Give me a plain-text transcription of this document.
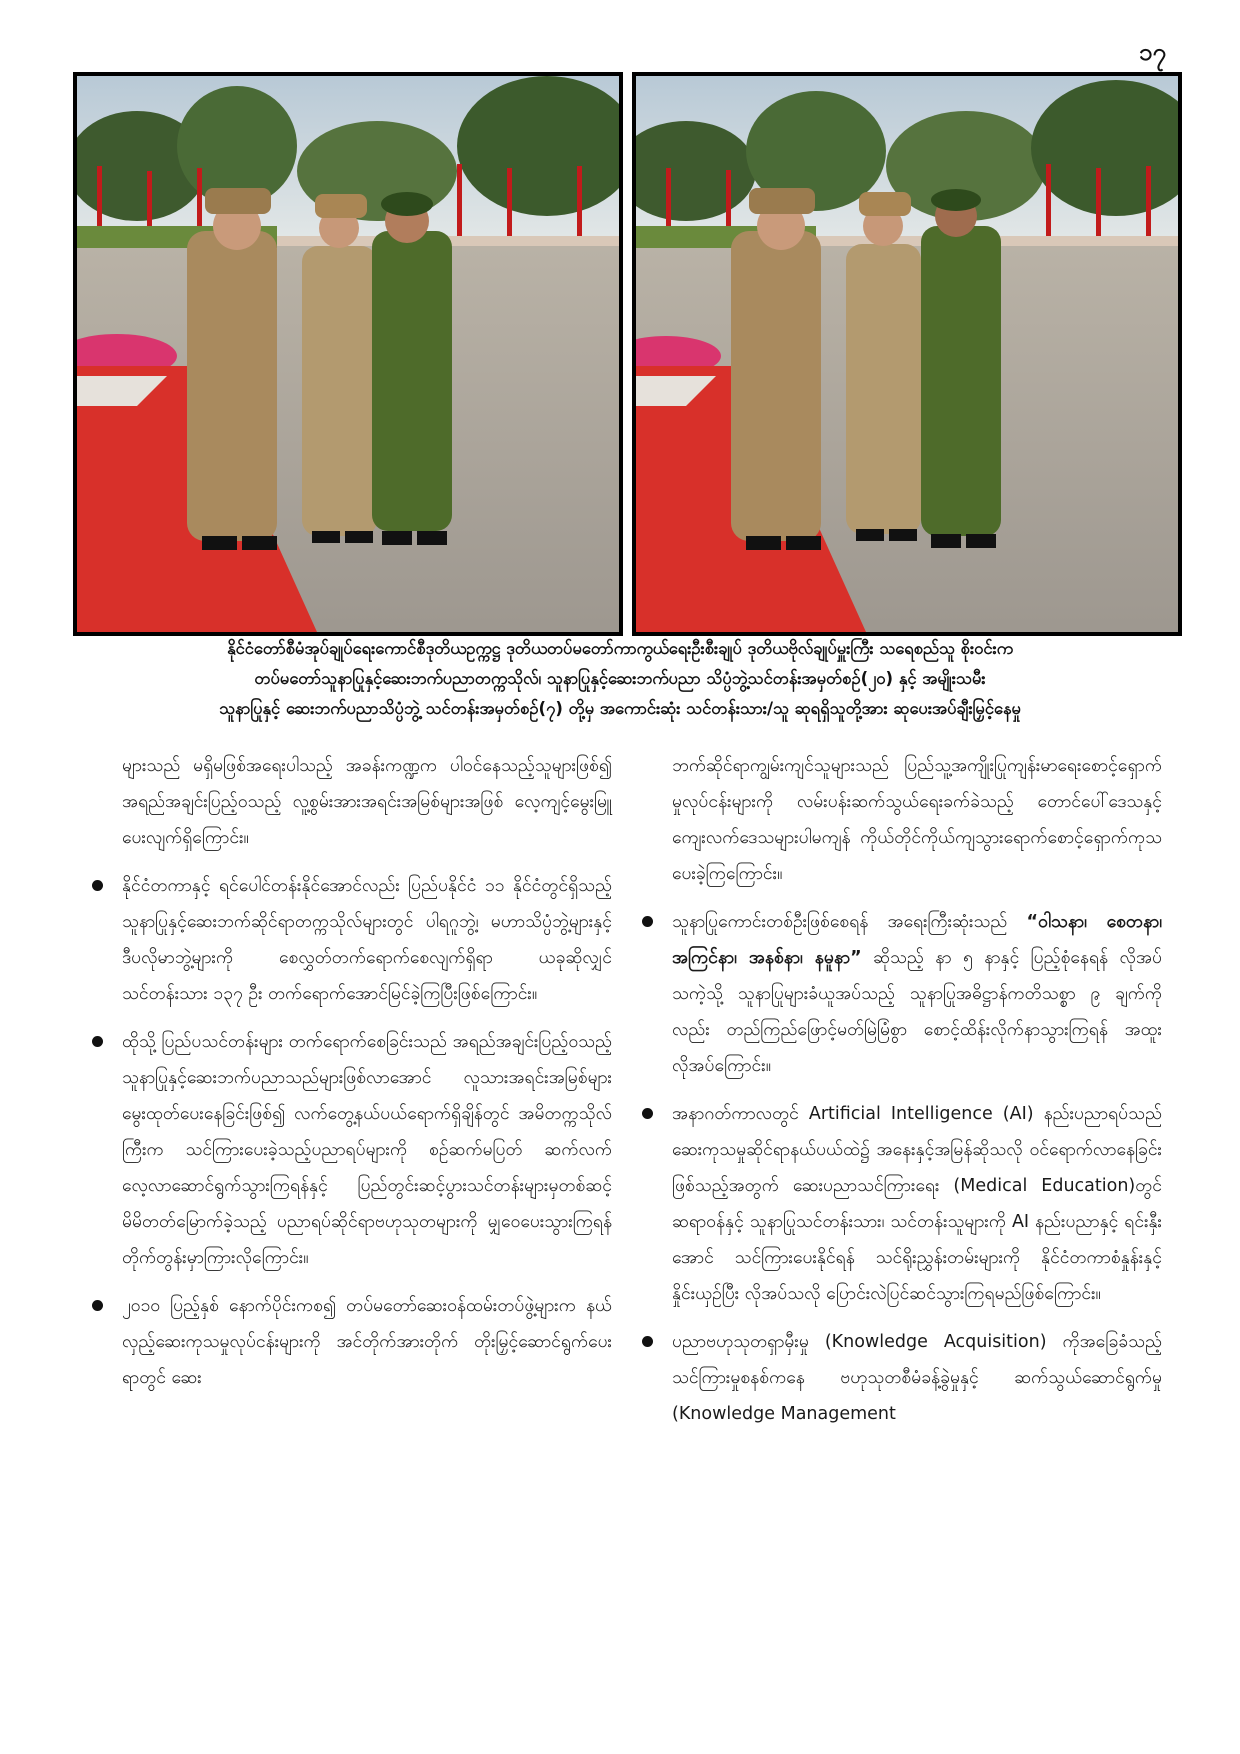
၁၇
နိုင်ငံတော်စီမံအုပ်ချုပ်ရေးကောင်စီဒုတိယဥက္ကဋ္ဌ ဒုတိယတပ်မတော်ကာကွယ်ရေးဦးစီးချုပ် ဒုတိယဗိုလ်ချုပ်မှူးကြီး သရေစည်သူ စိုးဝင်းက
တပ်မတော်သူနာပြုနှင့်ဆေးဘက်ပညာတက္ကသိုလ်၊ သူနာပြုနှင့်ဆေးဘက်ပညာ သိပ္ပံဘွဲ့သင်တန်းအမှတ်စဉ်(၂၀) နှင့် အမျိုးသမီး
သူနာပြုနှင့် ဆေးဘက်ပညာသိပ္ပံဘွဲ့ သင်တန်းအမှတ်စဉ်(၇) တို့မှ အကောင်းဆုံး သင်တန်းသား/သူ ဆုရရှိသူတို့အား ဆုပေးအပ်ချီးမြှင့်နေမှု

များသည် မရှိမဖြစ်အရေးပါသည့် အခန်းကဏ္ဍက ပါဝင်နေသည့်သူများဖြစ်၍ အရည်အချင်းပြည့်ဝသည့် လူ့စွမ်းအားအရင်းအမြစ်များအဖြစ် လေ့ကျင့်မွေးမြူပေးလျက်ရှိကြောင်း။

နိုင်ငံတကာနှင့် ရင်ပေါင်တန်းနိုင်အောင်လည်း ပြည်ပနိုင်ငံ ၁၁ နိုင်ငံတွင်ရှိသည့် သူနာပြုနှင့်ဆေးဘက်ဆိုင်ရာတက္ကသိုလ်များတွင် ပါရဂူဘွဲ့၊ မဟာသိပ္ပံဘွဲ့များနှင့် ဒီပလိုမာဘွဲ့များကို စေလွှတ်တက်ရောက်စေလျက်ရှိရာ ယခုဆိုလျှင် သင်တန်းသား ၁၃၇ ဦး တက်ရောက်အောင်မြင်ခဲ့ကြပြီးဖြစ်ကြောင်း။
ထိုသို့ ပြည်ပသင်တန်းများ တက်ရောက်စေခြင်းသည် အရည်အချင်းပြည့်ဝသည့် သူနာပြုနှင့်ဆေးဘက်ပညာသည်များဖြစ်လာအောင် လူသားအရင်းအမြစ်များ မွေးထုတ်ပေးနေခြင်းဖြစ်၍ လက်တွေ့နယ်ပယ်ရောက်ရှိချိန်တွင် အမိတက္ကသိုလ်ကြီးက သင်ကြားပေးခဲ့သည့်ပညာရပ်များကို စဉ်ဆက်မပြတ် ဆက်လက်လေ့လာဆောင်ရွက်သွားကြရန်နှင့် ပြည်တွင်းဆင့်ပွားသင်တန်းများမှတစ်ဆင့် မိမိတတ်မြောက်ခဲ့သည့် ပညာရပ်ဆိုင်ရာဗဟုသုတများကို မျှဝေပေးသွားကြရန် တိုက်တွန်းမှာကြားလိုကြောင်း။
၂၀၁၀ ပြည့်နှစ် နောက်ပိုင်းကစ၍ တပ်မတော်ဆေးဝန်ထမ်းတပ်ဖွဲ့များက နယ်လှည့်ဆေးကုသမှုလုပ်ငန်းများကို အင်တိုက်အားတိုက် တိုးမြှင့်ဆောင်ရွက်ပေးရာတွင် ဆေး

ဘက်ဆိုင်ရာကျွမ်းကျင်သူများသည် ပြည်သူ့အကျိုးပြုကျန်းမာရေးစောင့်ရှောက်မှုလုပ်ငန်းများကို လမ်းပန်းဆက်သွယ်ရေးခက်ခဲသည့် တောင်ပေါ်ဒေသနှင့် ကျေးလက်ဒေသများပါမကျန် ကိုယ်တိုင်ကိုယ်ကျသွားရောက်စောင့်ရှောက်ကုသပေးခဲ့ကြကြောင်း။

သူနာပြုကောင်းတစ်ဦးဖြစ်စေရန် အရေးကြီးဆုံးသည် “ဝါသနာ၊ စေတနာ၊ အကြင်နာ၊ အနစ်နာ၊ နမူနာ” ဆိုသည့် နာ ၅ နာနှင့် ပြည့်စုံနေရန် လိုအပ်သကဲ့သို့ သူနာပြုများခံယူအပ်သည့် သူနာပြုအဓိဋ္ဌာန်ကတိသစ္စာ ၉ ချက်ကိုလည်း တည်ကြည်ဖြောင့်မတ်မြဲမြံစွာ စောင့်ထိန်းလိုက်နာသွားကြရန် အထူးလိုအပ်ကြောင်း။
အနာဂတ်ကာလတွင် Artificial Intelligence (AI) နည်းပညာရပ်သည် ဆေးကုသမှုဆိုင်ရာနယ်ပယ်ထဲ၌ အနေးနှင့်အမြန်ဆိုသလို ဝင်ရောက်လာနေခြင်းဖြစ်သည့်အတွက် ဆေးပညာသင်ကြားရေး (Medical Education)တွင် ဆရာဝန်နှင့် သူနာပြုသင်တန်းသား၊ သင်တန်းသူများကို AI နည်းပညာနှင့် ရင်းနှီးအောင် သင်ကြားပေးနိုင်ရန် သင်ရိုးညွှန်းတမ်းများကို နိုင်ငံတကာစံနှုန်းနှင့်နှိုင်းယှဉ်ပြီး လိုအပ်သလို ပြောင်းလဲပြင်ဆင်သွားကြရမည်ဖြစ်ကြောင်း။
ပညာဗဟုသုတရှာမှီးမှု (Knowledge Acquisition) ကိုအခြေခံသည့် သင်ကြားမှုစနစ်ကနေ ဗဟုသုတစီမံခန့်ခွဲမှုနှင့် ဆက်သွယ်ဆောင်ရွက်မှု (Knowledge Management
